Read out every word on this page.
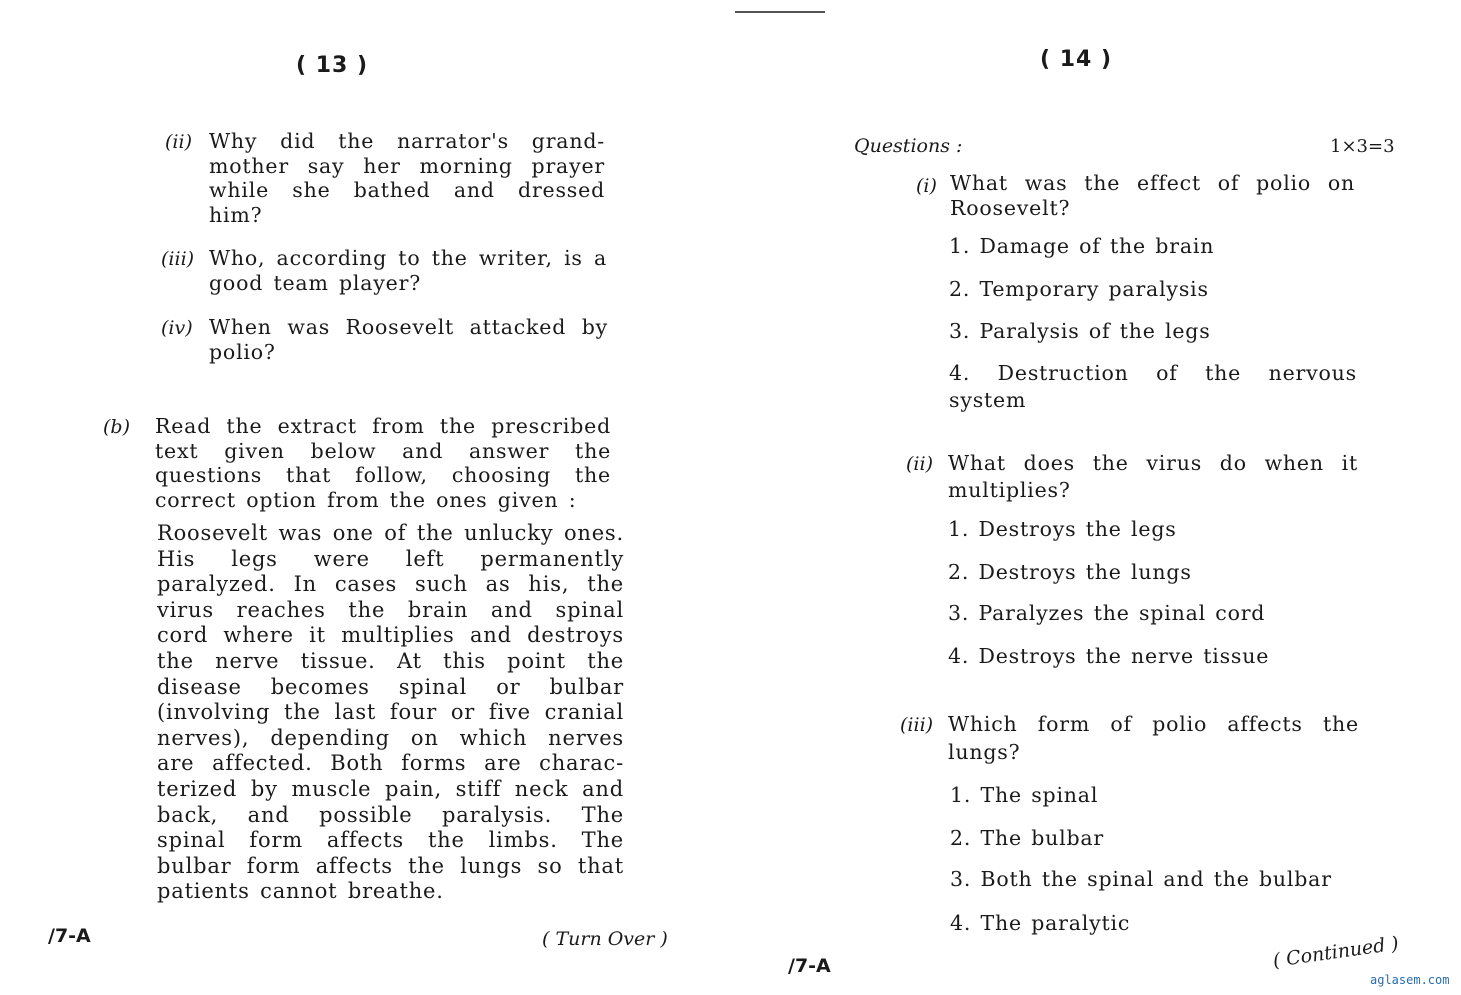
( 13 )
(ii) Why did the narrator's grand-mother say her morning prayer while she bathed and dressed him?
(iii) Who, according to the writer, is a good team player?
(iv) When was Roosevelt attacked by polio?
(b) Read the extract from the prescribed text given below and answer the questions that follow, choosing the correct option from the ones given :
Roosevelt was one of the unlucky ones. His legs were left permanently paralyzed. In cases such as his, the virus reaches the brain and spinal cord where it multiplies and destroys the nerve tissue. At this point the disease becomes spinal or bulbar (involving the last four or five cranial nerves), depending on which nerves are affected. Both forms are charac-terized by muscle pain, stiff neck and back, and possible paralysis. The spinal form affects the limbs. The bulbar form affects the lungs so that patients cannot breathe.
/7-A	( Turn Over )
( 14 )
Questions :	1×3=3
(i) What was the effect of polio on Roosevelt?
1. Damage of the brain
2. Temporary paralysis
3. Paralysis of the legs
4. Destruction of the nervous system
(ii) What does the virus do when it multiplies?
1. Destroys the legs
2. Destroys the lungs
3. Paralyzes the spinal cord
4. Destroys the nerve tissue
(iii) Which form of polio affects the lungs?
1. The spinal
2. The bulbar
3. Both the spinal and the bulbar
4. The paralytic
/7-A	( Continued )
aglasem.com
